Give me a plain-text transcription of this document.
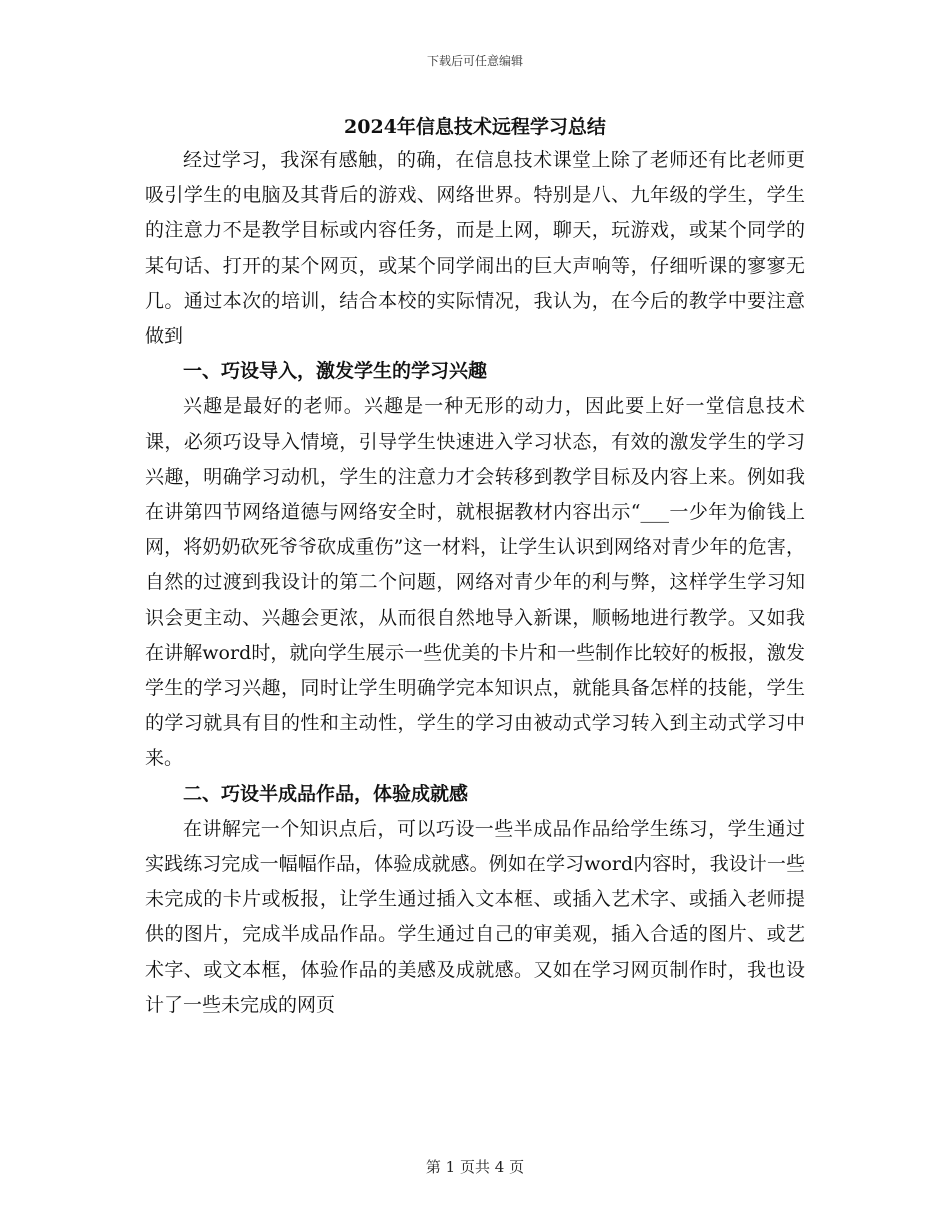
下载后可任意编辑
2024年信息技术远程学习总结

经过学习，我深有感触，的确，在信息技术课堂上除了老师还有比老师更吸引学生的电脑及其背后的游戏、网络世界。特别是八、九年级的学生，学生的注意力不是教学目标或内容任务，而是上网，聊天，玩游戏，或某个同学的某句话、打开的某个网页，或某个同学闹出的巨大声响等，仔细听课的寥寥无几。通过本次的培训，结合本校的实际情况，我认为，在今后的教学中要注意做到

一、巧设导入，激发学生的学习兴趣

兴趣是最好的老师。兴趣是一种无形的动力，因此要上好一堂信息技术课，必须巧设导入情境，引导学生快速进入学习状态，有效的激发学生的学习兴趣，明确学习动机，学生的注意力才会转移到教学目标及内容上来。例如我在讲第四节网络道德与网络安全时，就根据教材内容出示“___一少年为偷钱上网，将奶奶砍死爷爷砍成重伤”这一材料，让学生认识到网络对青少年的危害，自然的过渡到我设计的第二个问题，网络对青少年的利与弊，这样学生学习知识会更主动、兴趣会更浓，从而很自然地导入新课，顺畅地进行教学。又如我在讲解word时，就向学生展示一些优美的卡片和一些制作比较好的板报，激发学生的学习兴趣，同时让学生明确学完本知识点，就能具备怎样的技能，学生的学习就具有目的性和主动性，学生的学习由被动式学习转入到主动式学习中来。

二、巧设半成品作品，体验成就感

在讲解完一个知识点后，可以巧设一些半成品作品给学生练习，学生通过实践练习完成一幅幅作品，体验成就感。例如在学习word内容时，我设计一些未完成的卡片或板报，让学生通过插入文本框、或插入艺术字、或插入老师提供的图片，完成半成品作品。学生通过自己的审美观，插入合适的图片、或艺术字、或文本框，体验作品的美感及成就感。又如在学习网页制作时，我也设计了一些未完成的网页

第 1 页共 4 页
